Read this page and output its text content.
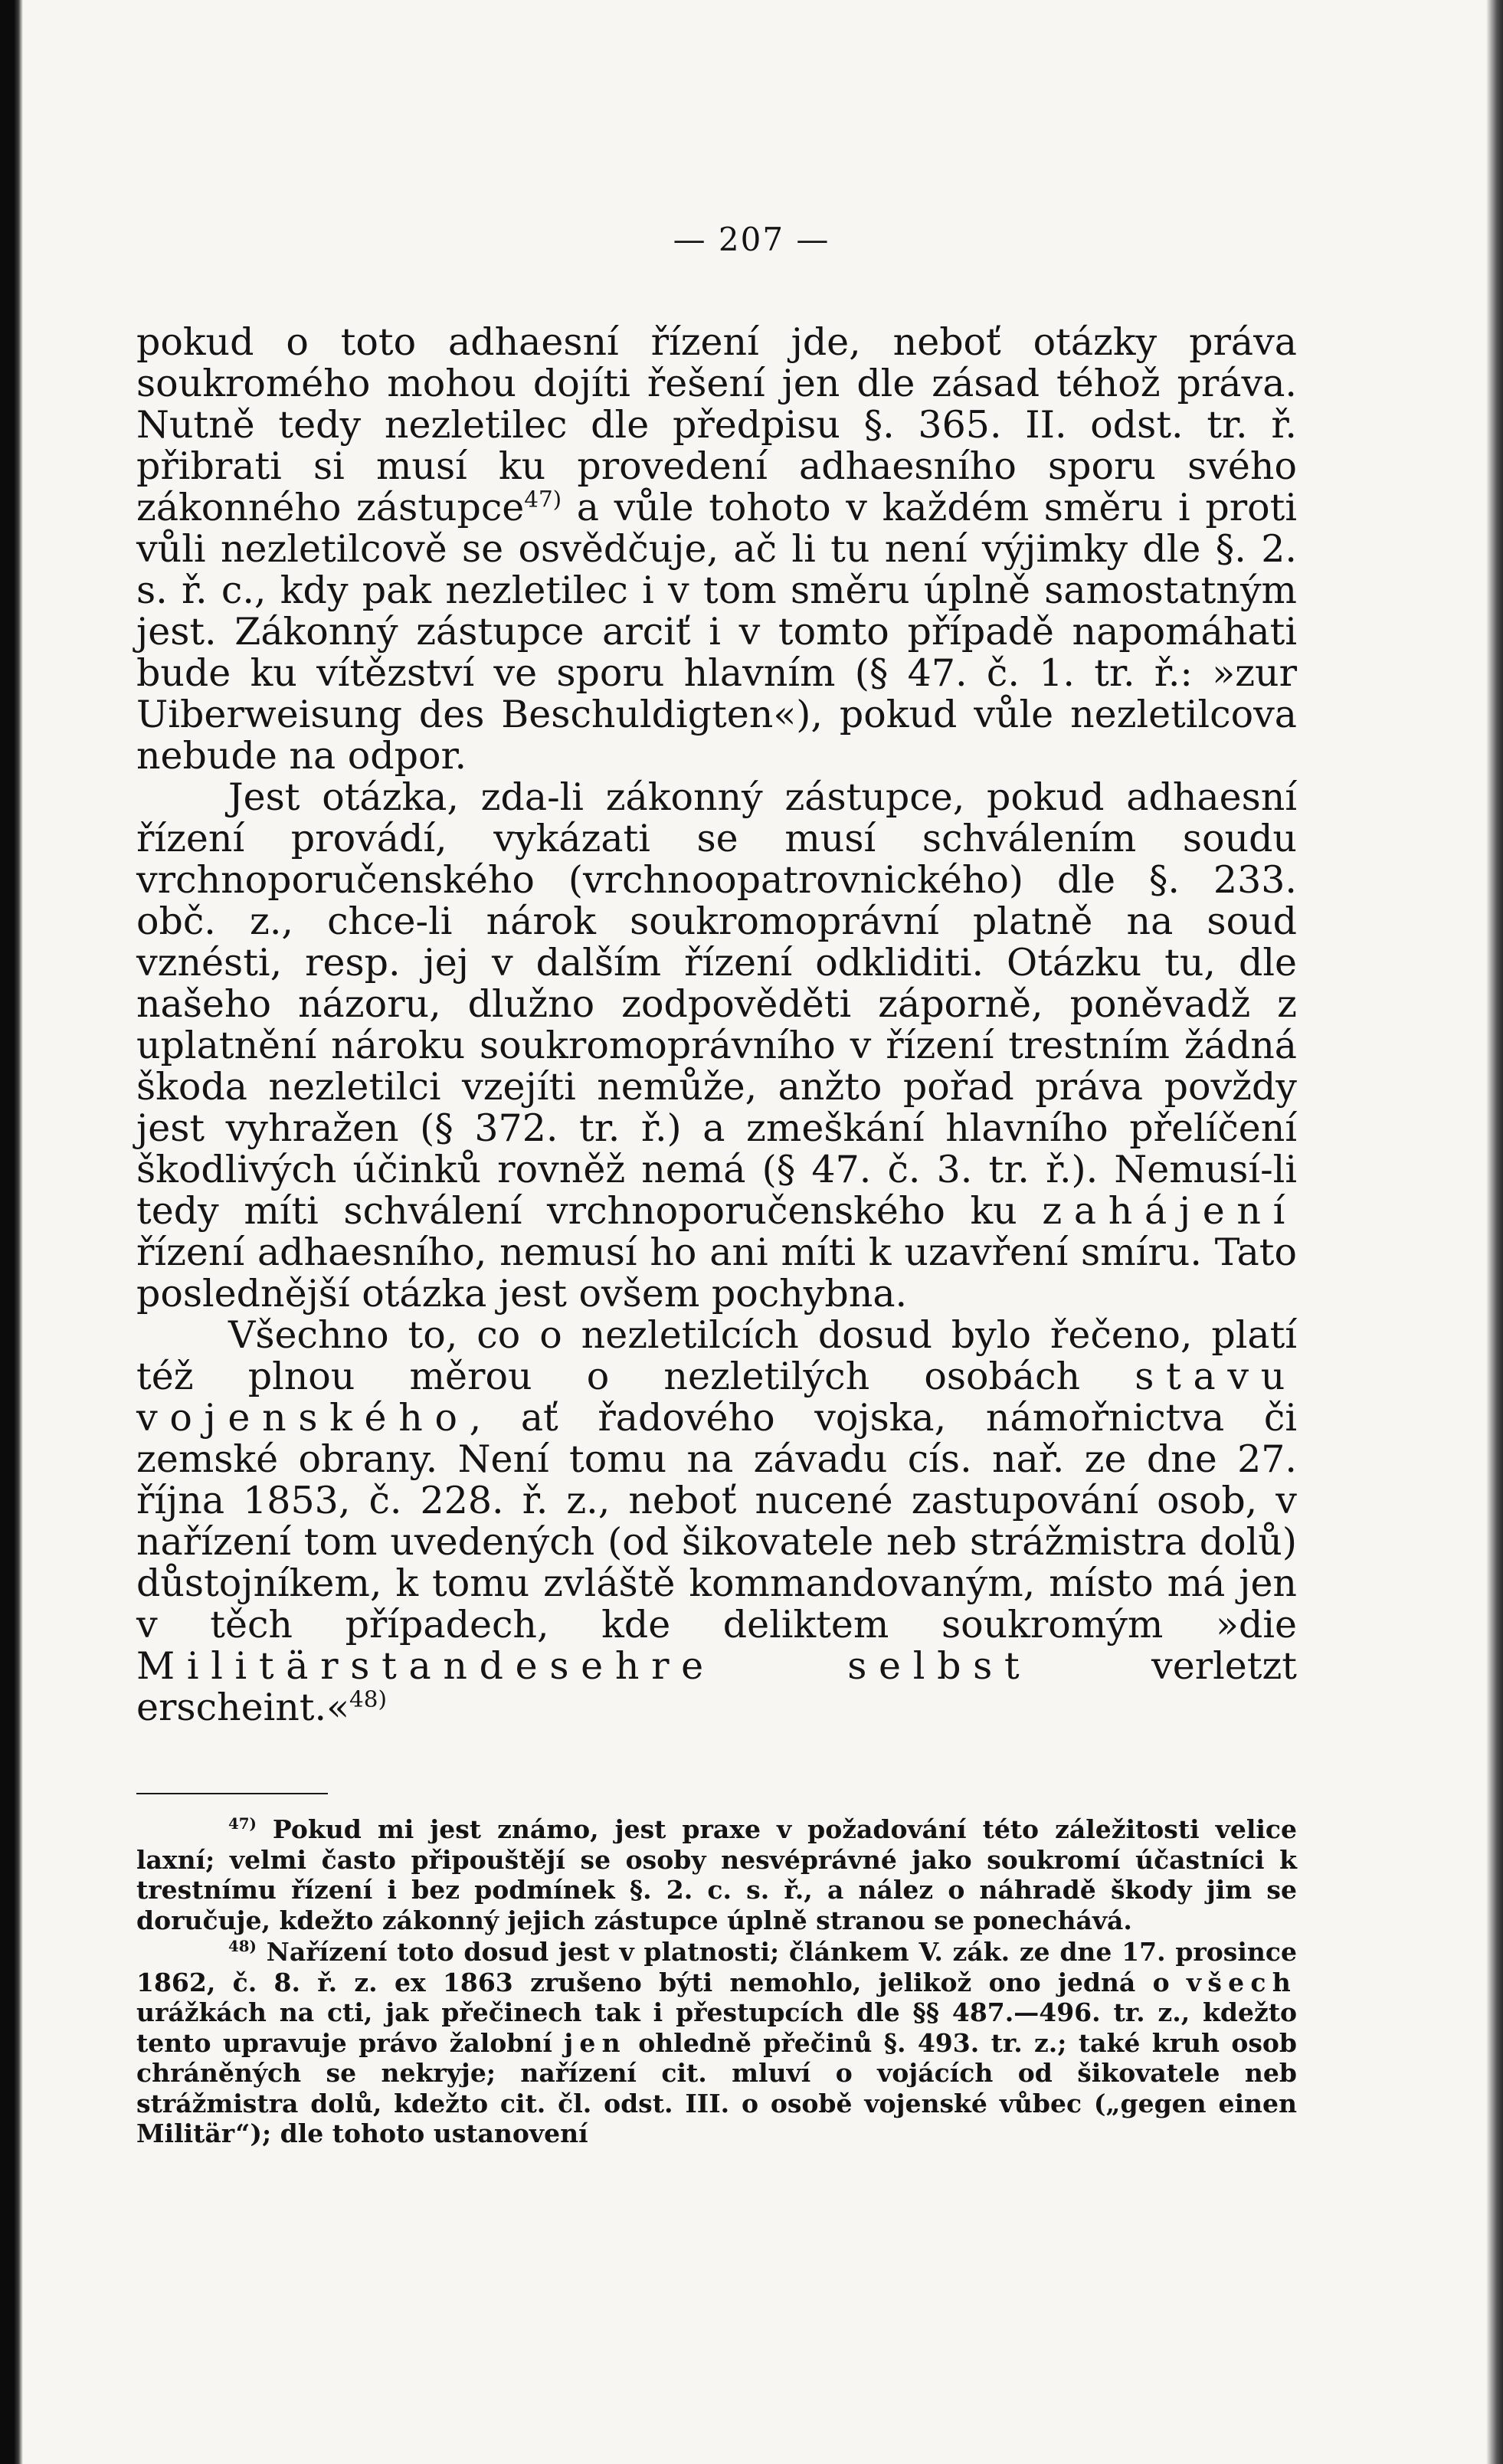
— 207 —

pokud o toto adhaesní řízení jde, neboť otázky práva soukromého mohou dojíti řešení jen dle zásad téhož práva. Nutně tedy nezletilec dle předpisu §. 365. II. odst. tr. ř. přibrati si musí ku provedení adhaesního sporu svého zákonného zástupce$^{47)}$ a vůle tohoto v každém směru i proti vůli nezletilcově se osvědčuje, ač li tu není výjimky dle §. 2. s. ř. c., kdy pak nezletilec i v tom směru úplně samostatným jest. Zákonný zástupce arciť i v tomto případě napomáhati bude ku vítězství ve sporu hlavním (§ 47. č. 1. tr. ř.: »zur Uiberweisung des Beschuldigten«), pokud vůle nezletilcova nebude na odpor.

Jest otázka, zda-li zákonný zástupce, pokud adhaesní řízení provádí, vykázati se musí schválením soudu vrchnoporučenského (vrchnoopatrovnického) dle §. 233. obč. z., chce-li nárok soukromoprávní platně na soud vznésti, resp. jej v dalším řízení odkliditi. Otázku tu, dle našeho názoru, dlužno zodpověděti záporně, poněvadž z uplatnění nároku soukromoprávního v řízení trestním žádná škoda nezletilci vzejíti nemůže, anžto pořad práva povždy jest vyhražen (§ 372. tr. ř.) a zmeškání hlavního přelíčení škodlivých účinků rovněž nemá (§ 47. č. 3. tr. ř.). Nemusí-li tedy míti schválení vrchnoporučenského ku zahájení řízení adhaesního, nemusí ho ani míti k uzavření smíru. Tato poslednější otázka jest ovšem pochybna.

Všechno to, co o nezletilcích dosud bylo řečeno, platí též plnou měrou o nezletilých osobách stavu vojenského, ať řadového vojska, námořnictva či zemské obrany. Není tomu na závadu cís. nař. ze dne 27. října 1853, č. 228. ř. z., neboť nucené zastupování osob, v nařízení tom uvedených (od šikovatele neb strážmistra dolů) důstojníkem, k tomu zvláště kommandovaným, místo má jen v těch případech, kde deliktem soukromým »die Militärstandesehre selbst verletzt erscheint.«$^{48)}$

$^{47)}$ Pokud mi jest známo, jest praxe v požadování této záležitosti velice laxní; velmi často připouštějí se osoby nesvéprávné jako soukromí účastníci k trestnímu řízení i bez podmínek §. 2. c. s. ř., a nález o náhradě škody jim se doručuje, kdežto zákonný jejich zástupce úplně stranou se ponechává.

$^{48)}$ Nařízení toto dosud jest v platnosti; článkem V. zák. ze dne 17. prosince 1862, č. 8. ř. z. ex 1863 zrušeno býti nemohlo, jelikož ono jedná o všech urážkách na cti, jak přečinech tak i přestupcích dle §§ 487.—496. tr. z., kdežto tento upravuje právo žalobní jen ohledně přečinů §. 493. tr. z.; také kruh osob chráněných se nekryje; nařízení cit. mluví o vojácích od šikovatele neb strážmistra dolů, kdežto cit. čl. odst. III. o osobě vojenské vůbec („gegen einen Militär“); dle tohoto ustanovení
